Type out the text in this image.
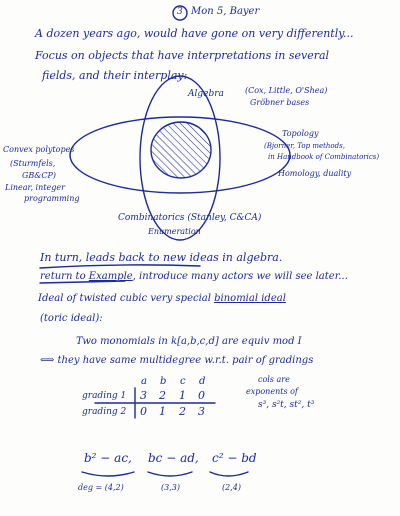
3 Mon 5, Bayer
A dozen years ago, would have gone on very differently...
Focus on objects that have interpretations in several
fields, and their interplay:
Algebra	(Cox, Little, O'Shea)
Gröbner bases
Convex polytopes
(Sturmfels,
GB&CP)
Linear, integer
programming
Topology
(Bjorner, Top methods,
in Handbook of Combinatorics)
Homology, duality
Combinatorics (Stanley, C&CA)
Enumeration
In turn, leads back to new ideas in algebra.
return to Example, introduce many actors we will see later...
Ideal of twisted cubic very special binomial ideal
(toric ideal):
Two monomials in k[a,b,c,d] are equiv mod I
⟺ they have same multidegree w.r.t. pair of gradings
a b c d
grading 1 3 2 1 0
grading 2 0 1 2 3
cols are
exponents of
s³, s²t, st², t³
b² − ac, bc − ad, c² − bd
deg = (4,2)	(3,3)	(2,4)
